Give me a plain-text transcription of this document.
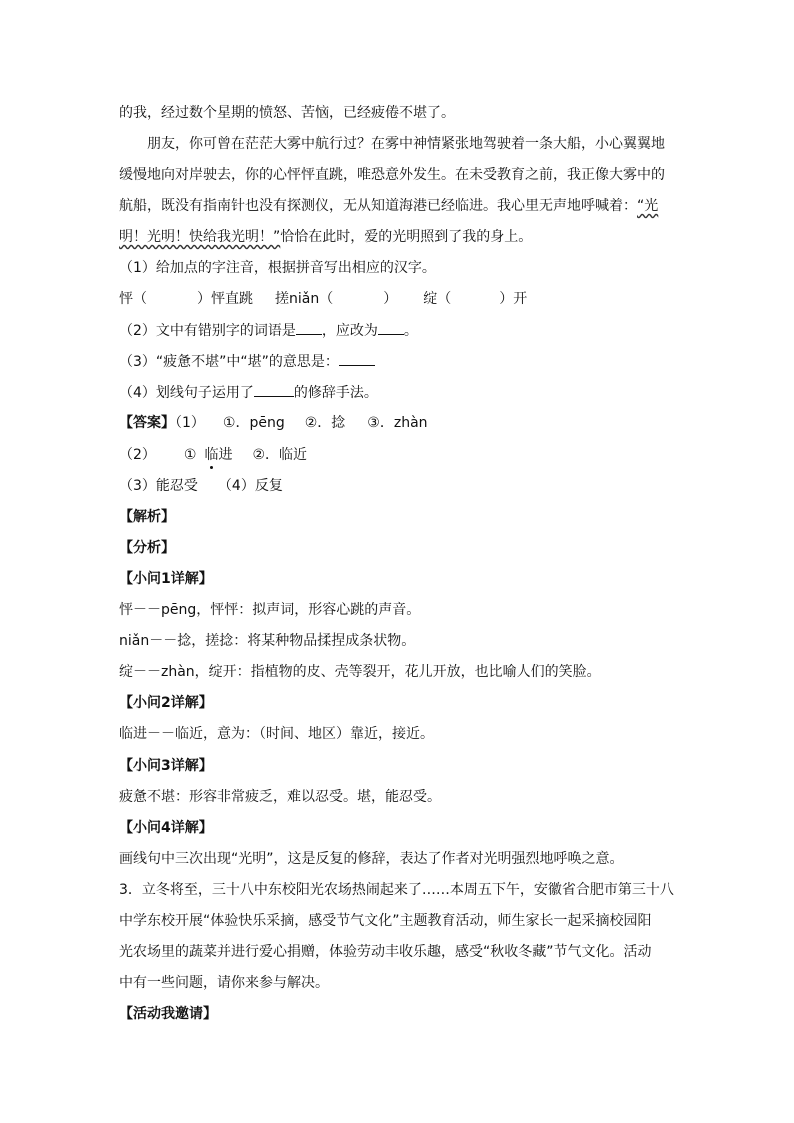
的我，经过数个星期的愤怒、苦恼，已经疲倦不堪了。
朋友，你可曾在茫茫大雾中航行过？在雾中神情紧张地驾驶着一条大船，小心翼翼地
缓慢地向对岸驶去，你的心怦怦直跳，唯恐意外发生。在未受教育之前，我正像大雾中的
航船，既没有指南针也没有探测仪，无从知道海港已经临进。我心里无声地呼喊着：“光
明！光明！快给我光明！”恰恰在此时，爱的光明照到了我的身上。
（1）给加点的字注音，根据拼音写出相应的汉字。
怦（	）怦直跳 搓niǎn（	） 绽（	）开
（2）文中有错别字的词语是 ，应改为 。
（3）“疲惫不堪”中“堪”的意思是：
（4）划线句子运用了	的修辞手法。
【答案】（1） ①．pēng ②．捻 ③．zhàn
（2） ① 临进 ②．临近
（3）能忍受 （4）反复
【解析】
【分析】
【小问1详解】
怦－－pēng，怦怦：拟声词，形容心跳的声音。
niǎn－－捻，搓捻：将某种物品揉捏成条状物。
绽－－zhàn，绽开：指植物的皮、壳等裂开，花儿开放，也比喻人们的笑脸。
【小问2详解】
临进－－临近，意为：（时间、地区）靠近，接近。
【小问3详解】
疲惫不堪：形容非常疲乏，难以忍受。堪，能忍受。
【小问4详解】
画线句中三次出现“光明”，这是反复的修辞，表达了作者对光明强烈地呼唤之意。
3．立冬将至，三十八中东校阳光农场热闹起来了……本周五下午，安徽省合肥市第三十八
中学东校开展“体验快乐采摘，感受节气文化”主题教育活动，师生家长一起采摘校园阳
光农场里的蔬菜并进行爱心捐赠，体验劳动丰收乐趣，感受“秋收冬藏”节气文化。活动
中有一些问题，请你来参与解决。
【活动我邀请】
